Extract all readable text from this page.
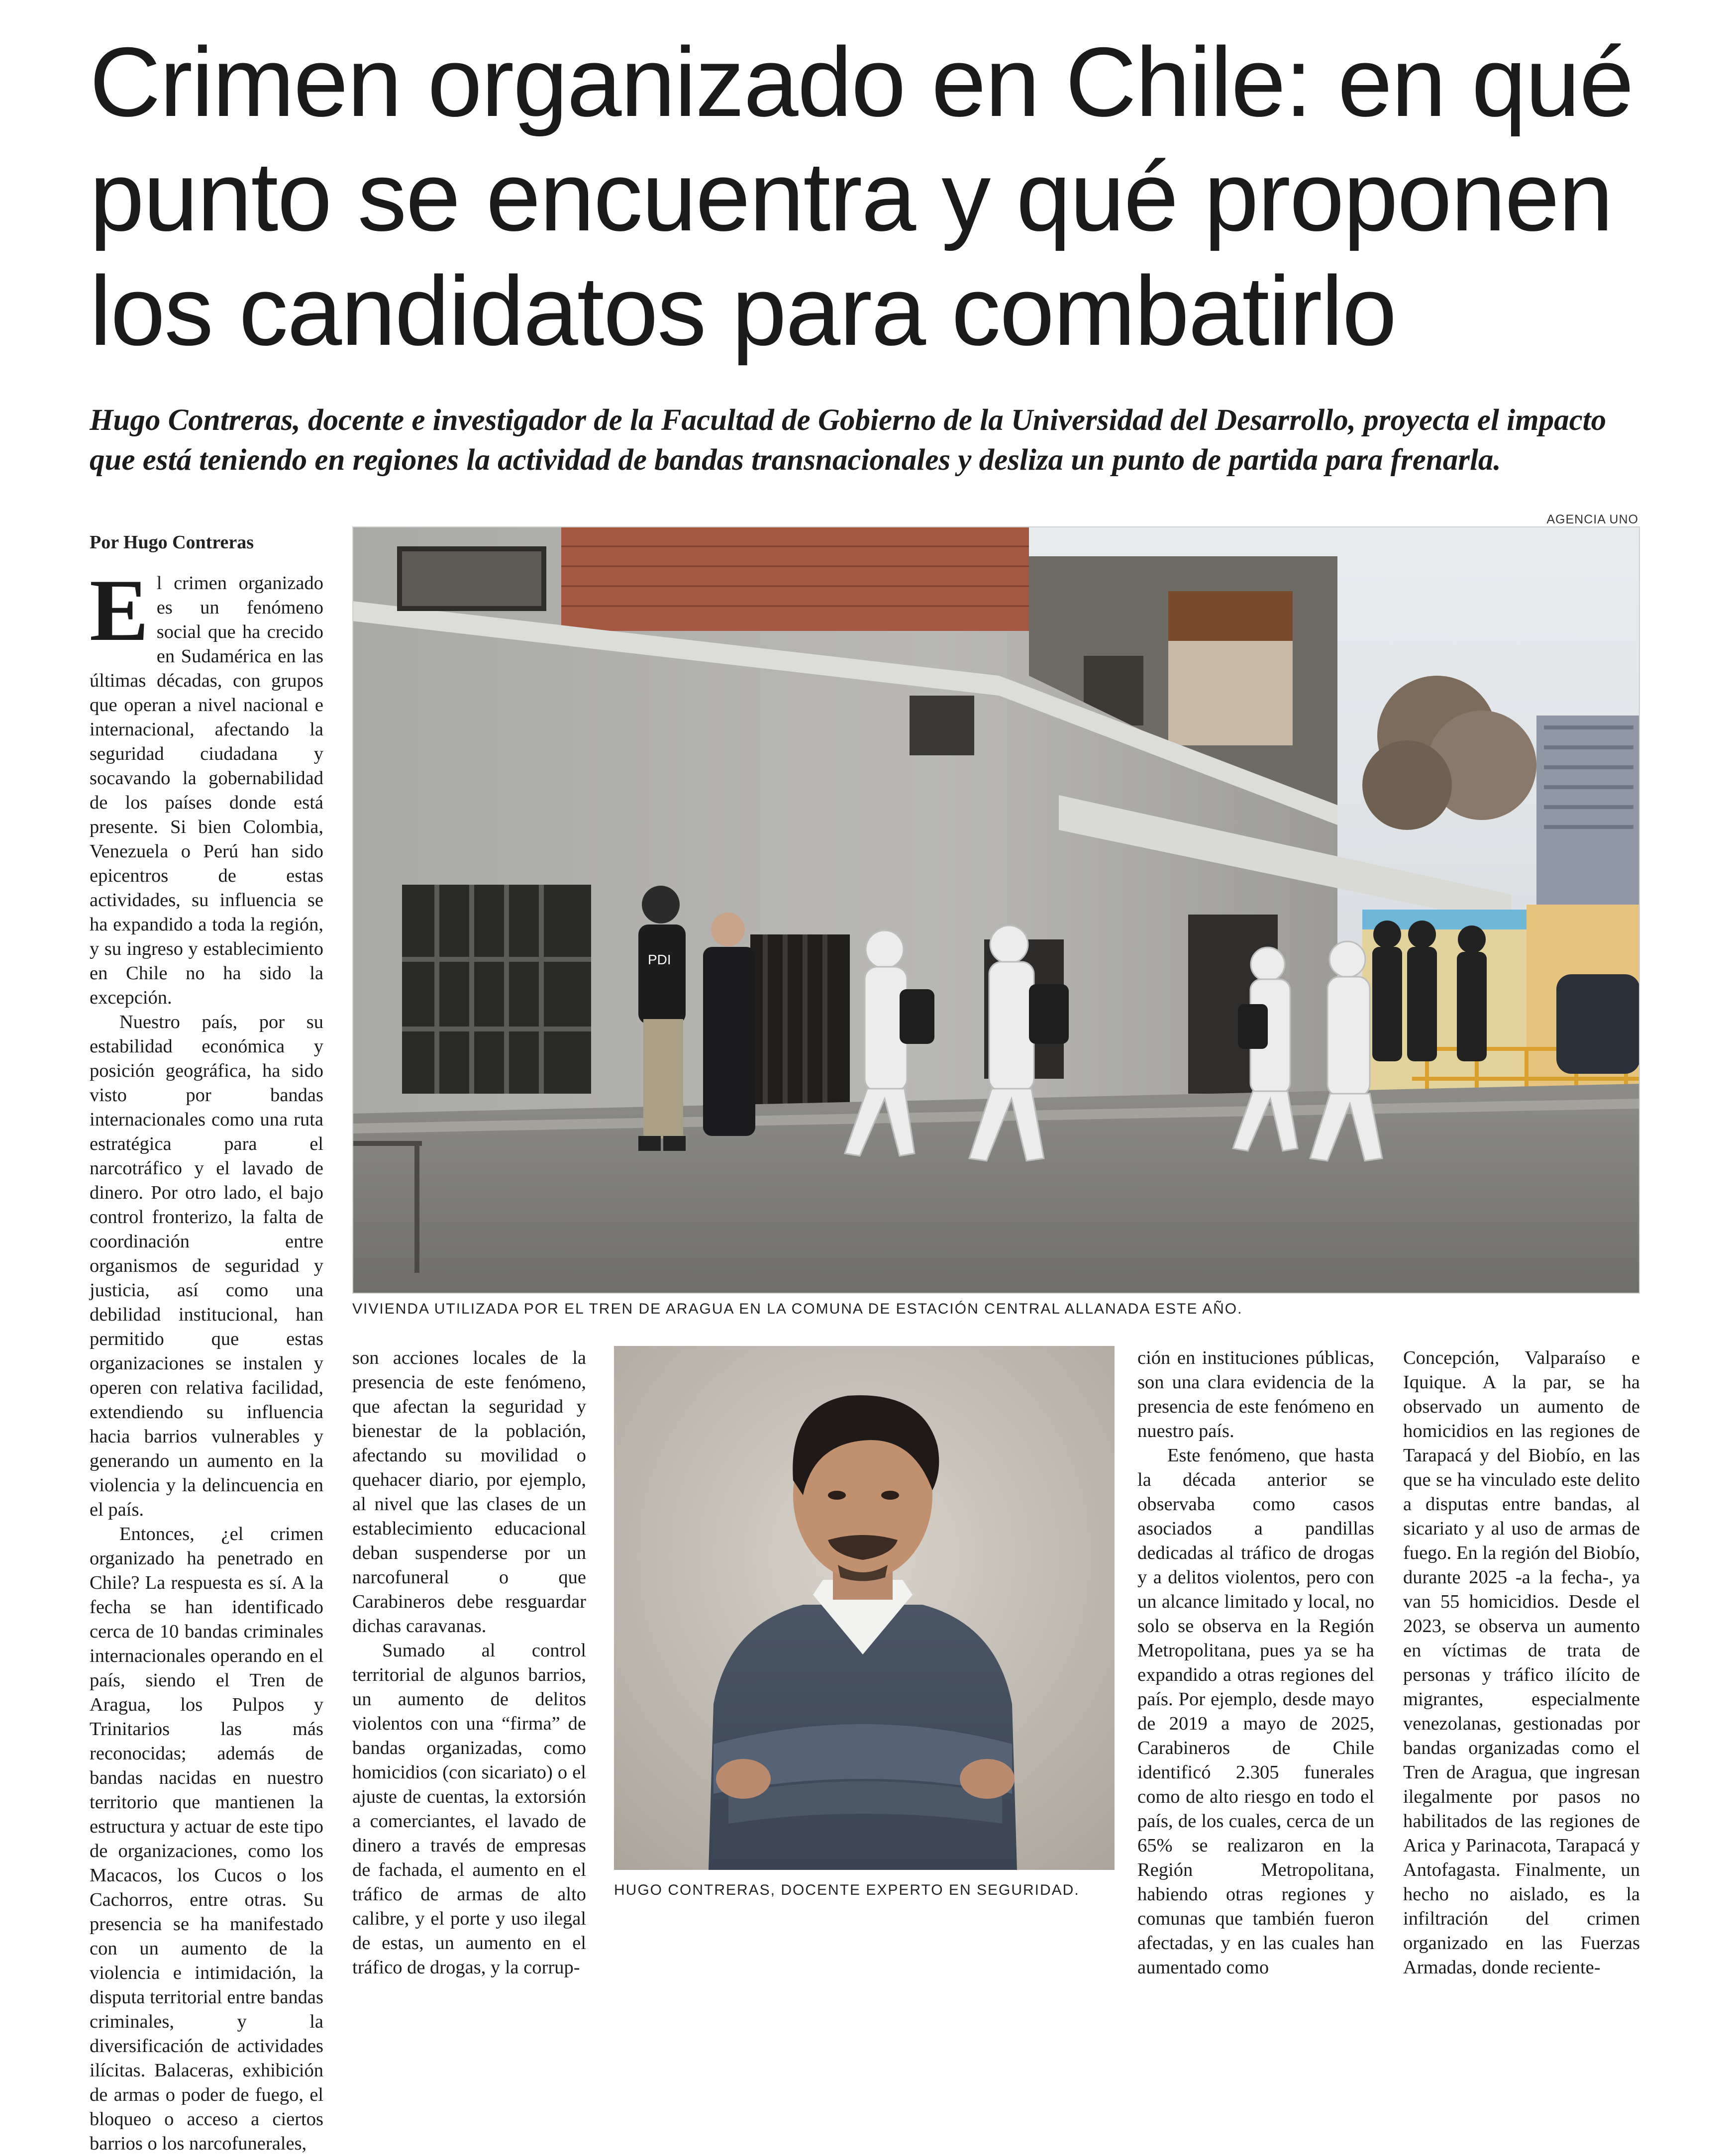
Crimen organizado en Chile: en qué
punto se encuentra y qué proponen
los candidatos para combatirlo

Hugo Contreras, docente e investigador de la Facultad de Gobierno de la Universidad del Desarrollo, proyecta el impacto
que está teniendo en regiones la actividad de bandas transnacionales y desliza un punto de partida para frenarla.

AGENCIA UNO
Por Hugo Contreras

El crimen organizado es un fenómeno social que ha crecido en Sudamérica en las últimas décadas, con grupos que operan a nivel nacional e internacional, afectando la seguridad ciudadana y socavando la gobernabilidad de los países donde está presente. Si bien Colombia, Venezuela o Perú han sido epicentros de estas actividades, su influencia se ha expandido a toda la región, y su ingreso y establecimiento en Chile no ha sido la excepción.

Nuestro país, por su estabilidad económica y posición geográfica, ha sido visto por bandas internacionales como una ruta estratégica para el narcotráfico y el lavado de dinero. Por otro lado, el bajo control fronterizo, la falta de coordinación entre organismos de seguridad y justicia, así como una debilidad institucional, han permitido que estas organizaciones se instalen y operen con relativa facilidad, extendiendo su influencia hacia barrios vulnerables y generando un aumento en la violencia y la delincuencia en el país.

Entonces, ¿el crimen organizado ha penetrado en Chile? La respuesta es sí. A la fecha se han identificado cerca de 10 bandas criminales internacionales operando en el país, siendo el Tren de Aragua, los Pulpos y Trinitarios las más reconocidas; además de bandas nacidas en nuestro territorio que mantienen la estructura y actuar de este tipo de organizaciones, como los Macacos, los Cucos o los Cachorros, entre otras. Su presencia se ha manifestado con un aumento de la violencia e intimidación, la disputa territorial entre bandas criminales, y la diversificación de actividades ilícitas. Balaceras, exhibición de armas o poder de fuego, el bloqueo o acceso a ciertos barrios o los narcofunerales,

PDI
VIVIENDA UTILIZADA POR EL TREN DE ARAGUA EN LA COMUNA DE ESTACIÓN CENTRAL ALLANADA ESTE AÑO.

son acciones locales de la presencia de este fenómeno, que afectan la seguridad y bienestar de la población, afectando su movilidad o quehacer diario, por ejemplo, al nivel que las clases de un establecimiento educacional deban suspenderse por un narcofuneral o que Carabineros debe resguardar dichas caravanas.

Sumado al control territorial de algunos barrios, un aumento de delitos violentos con una “firma” de bandas organizadas, como homicidios (con sicariato) o el ajuste de cuentas, la extorsión a comerciantes, el lavado de dinero a través de empresas de fachada, el aumento en el tráfico de armas de alto calibre, y el porte y uso ilegal de estas, un aumento en el tráfico de drogas, y la corrup-

HUGO CONTRERAS, DOCENTE EXPERTO EN SEGURIDAD.

ción en instituciones públicas, son una clara evidencia de la presencia de este fenómeno en nuestro país.

Este fenómeno, que hasta la década anterior se observaba como casos asociados a pandillas dedicadas al tráfico de drogas y a delitos violentos, pero con un alcance limitado y local, no solo se observa en la Región Metropolitana, pues ya se ha expandido a otras regiones del país. Por ejemplo, desde mayo de 2019 a mayo de 2025, Carabineros de Chile identificó 2.305 funerales como de alto riesgo en todo el país, de los cuales, cerca de un 65% se realizaron en la Región Metropolitana, habiendo otras regiones y comunas que también fueron afectadas, y en las cuales han aumentado como

Concepción, Valparaíso e Iquique. A la par, se ha observado un aumento de homicidios en las regiones de Tarapacá y del Biobío, en las que se ha vinculado este delito a disputas entre bandas, al sicariato y al uso de armas de fuego. En la región del Biobío, durante 2025 -a la fecha-, ya van 55 homicidios. Desde el 2023, se observa un aumento en víctimas de trata de personas y tráfico ilícito de migrantes, especialmente venezolanas, gestionadas por bandas organizadas como el Tren de Aragua, que ingresan ilegalmente por pasos no habilitados de las regiones de Arica y Parinacota, Tarapacá y Antofagasta. Finalmente, un hecho no aislado, es la infiltración del crimen organizado en las Fuerzas Armadas, donde reciente-
